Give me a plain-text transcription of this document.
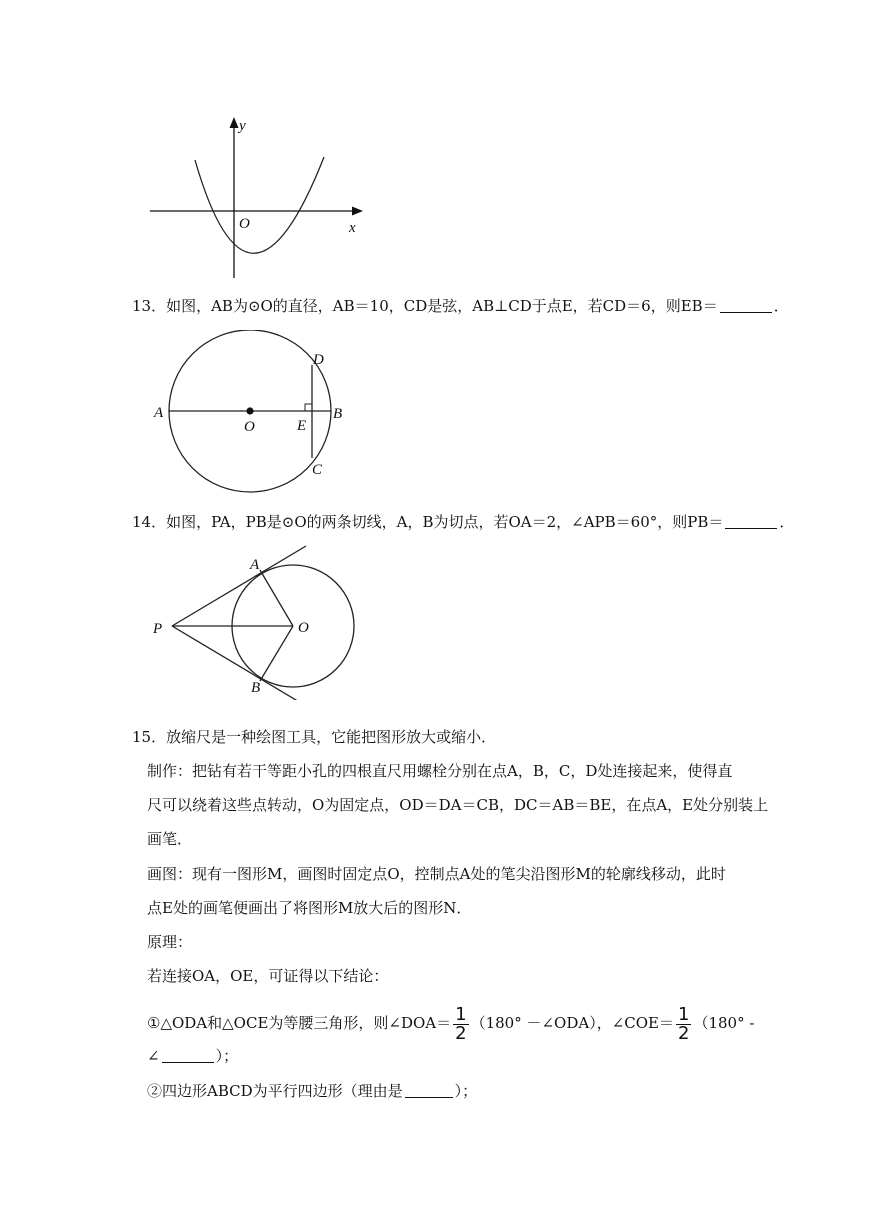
y
x
O
13．如图，AB为⊙O的直径，AB＝10，CD是弦，AB⊥CD于点E，若CD＝6，则EB＝	．
A	B
D
C
O	E
14．如图，PA，PB是⊙O的两条切线，A，B为切点，若OA＝2，∠APB＝60°，则PB＝	．
P
A
B
O
15．放缩尺是一种绘图工具，它能把图形放大或缩小．
制作：把钻有若干等距小孔的四根直尺用螺栓分别在点A，B，C，D处连接起来，使得直
尺可以绕着这些点转动，O为固定点，OD＝DA＝CB，DC＝AB＝BE，在点A，E处分别装上
画笔．
画图：现有一图形M，画图时固定点O，控制点A处的笔尖沿图形M的轮廓线移动，此时
点E处的画笔便画出了将图形M放大后的图形N．
原理：
若连接OA，OE，可证得以下结论：
①△ODA和△OCE为等腰三角形，则∠DOA＝ $\frac{1}{2} (180^\circ$ －∠ODA），∠COE＝ $\frac{1}{2} (180^\circ$ -
∠	）；
②四边形ABCD为平行四边形（理由是	）；
